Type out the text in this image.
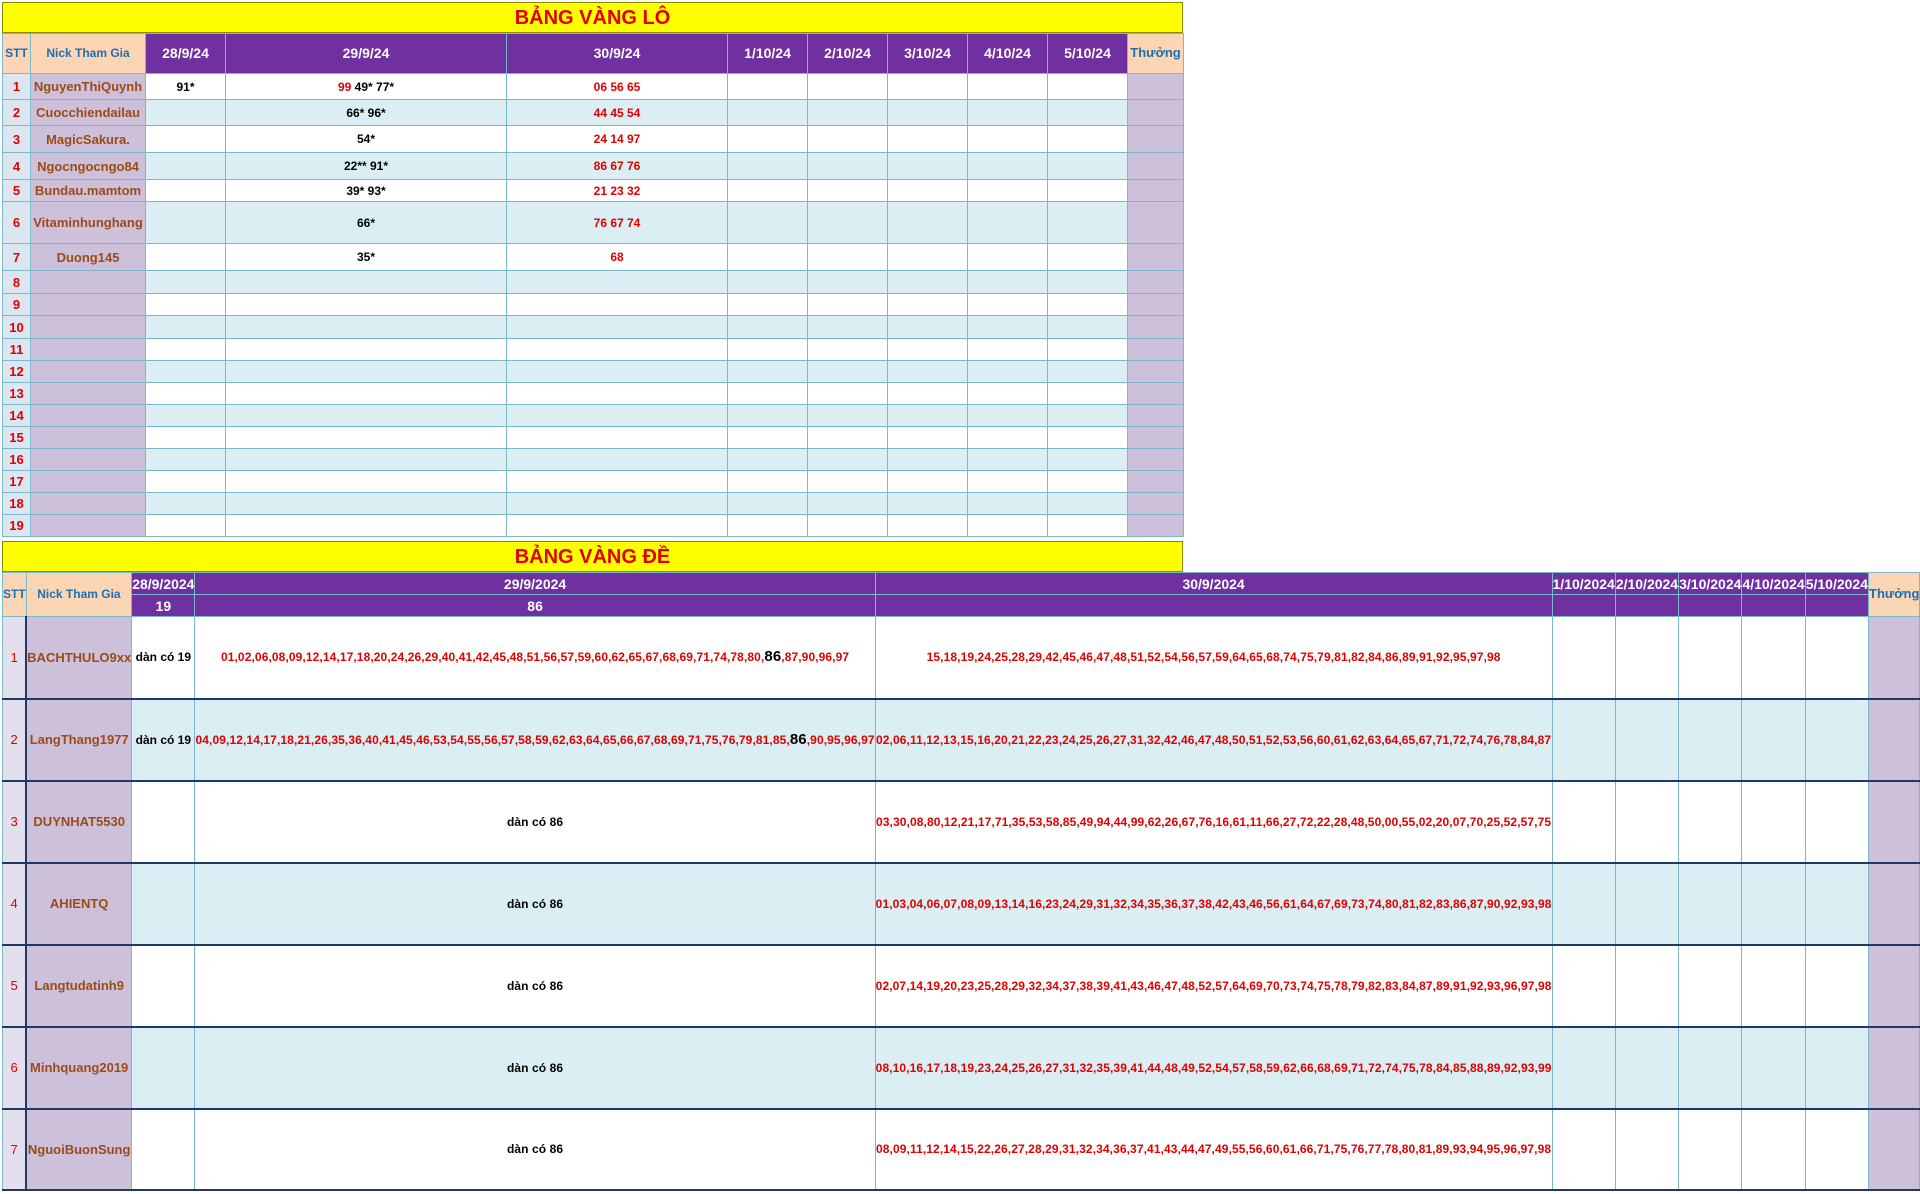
BẢNG VÀNG LÔ
STT	Nick Tham Gia	28/9/24	29/9/24	30/9/24	1/10/24	2/10/24	3/10/24	4/10/24	5/10/24	Thưởng
1	NguyenThiQuynh	91*	99 49* 77*	06 56 65						
2	Cuocchiendailau		66* 96*	44 45 54						
3	MagicSakura.		54*	24 14 97						
4	Ngocngocngo84		22** 91*	86 67 76						
5	Bundau.mamtom		39* 93*	21 23 32						
6	Vitaminhunghang		66*	76 67 74						
7	Duong145		35*	68						
8										
9										
10										
11										
12										
13										
14										
15										
16										
17										
18										
19										
BẢNG VÀNG ĐỀ
STT	Nick Tham Gia	28/9/2024	29/9/2024	30/9/2024	1/10/2024	2/10/2024	3/10/2024	4/10/2024	5/10/2024	Thưởng
		19	86							
1	BACHTHULO9xx	dàn có 19	01,02,06,08,09,12,14,17,18,20,24,26,29,40,41,42,45,48,51,56,57,59,60,62,65,67,68,69,71,74,78,80,86,87,90,96,97	15,18,19,24,25,28,29,42,45,46,47,48,51,52,54,56,57,59,64,65,68,74,75,79,81,82,84,86,89,91,92,95,97,98						
2	LangThang1977	dàn có 19	04,09,12,14,17,18,21,26,35,36,40,41,45,46,53,54,55,56,57,58,59,62,63,64,65,66,67,68,69,71,75,76,79,81,85,86,90,95,96,97	02,06,11,12,13,15,16,20,21,22,23,24,25,26,27,31,32,42,46,47,48,50,51,52,53,56,60,61,62,63,64,65,67,71,72,74,76,78,84,87						
3	DUYNHAT5530		dàn có 86	03,30,08,80,12,21,17,71,35,53,58,85,49,94,44,99,62,26,67,76,16,61,11,66,27,72,22,28,48,50,00,55,02,20,07,70,25,52,57,75						
4	AHIENTQ		dàn có 86	01,03,04,06,07,08,09,13,14,16,23,24,29,31,32,34,35,36,37,38,42,43,46,56,61,64,67,69,73,74,80,81,82,83,86,87,90,92,93,98						
5	Langtudatinh9		dàn có 86	02,07,14,19,20,23,25,28,29,32,34,37,38,39,41,43,46,47,48,52,57,64,69,70,73,74,75,78,79,82,83,84,87,89,91,92,93,96,97,98						
6	Minhquang2019		dàn có 86	08,10,16,17,18,19,23,24,25,26,27,31,32,35,39,41,44,48,49,52,54,57,58,59,62,66,68,69,71,72,74,75,78,84,85,88,89,92,93,99						
7	NguoiBuonSung		dàn có 86	08,09,11,12,14,15,22,26,27,28,29,31,32,34,36,37,41,43,44,47,49,55,56,60,61,66,71,75,76,77,78,80,81,89,93,94,95,96,97,98						
